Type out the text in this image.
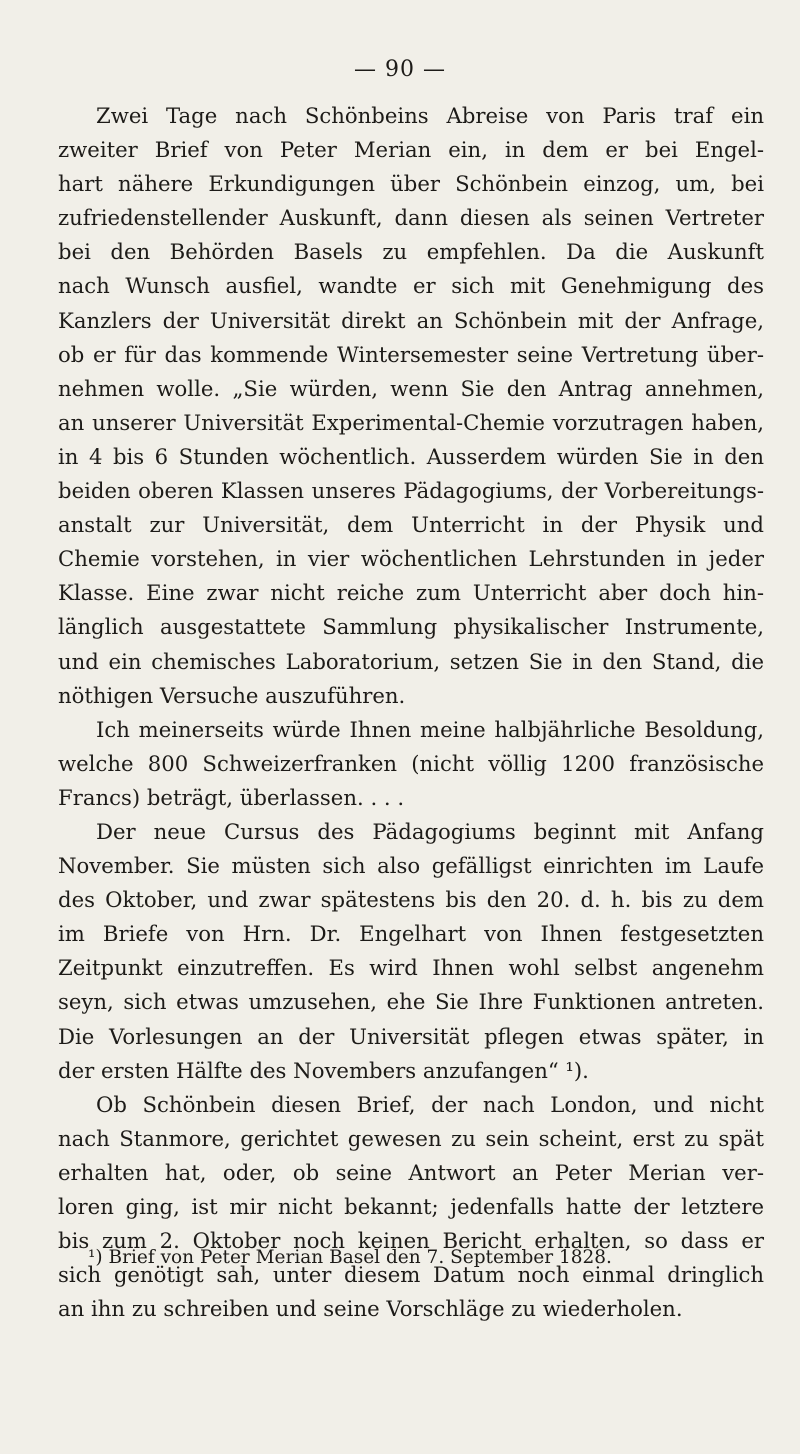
— 90 —
Zwei Tage nach Schönbeins Abreise von Paris traf ein
zweiter Brief von Peter Merian ein, in dem er bei Engel-
hart nähere Erkundigungen über Schönbein einzog, um, bei
zufriedenstellender Auskunft, dann diesen als seinen Vertreter
bei den Behörden Basels zu empfehlen. Da die Auskunft
nach Wunsch ausfiel, wandte er sich mit Genehmigung des
Kanzlers der Universität direkt an Schönbein mit der Anfrage,
ob er für das kommende Wintersemester seine Vertretung über-
nehmen wolle. „Sie würden, wenn Sie den Antrag annehmen,
an unserer Universität Experimental-Chemie vorzutragen haben,
in 4 bis 6 Stunden wöchentlich. Ausserdem würden Sie in den
beiden oberen Klassen unseres Pädagogiums, der Vorbereitungs-
anstalt zur Universität, dem Unterricht in der Physik und
Chemie vorstehen, in vier wöchentlichen Lehrstunden in jeder
Klasse. Eine zwar nicht reiche zum Unterricht aber doch hin-
länglich ausgestattete Sammlung physikalischer Instrumente,
und ein chemisches Laboratorium, setzen Sie in den Stand, die
nöthigen Versuche auszuführen.
Ich meinerseits würde Ihnen meine halbjährliche Besoldung,
welche 800 Schweizerfranken (nicht völlig 1200 französische
Francs) beträgt, überlassen. . . .
Der neue Cursus des Pädagogiums beginnt mit Anfang
November. Sie müsten sich also gefälligst einrichten im Laufe
des Oktober, und zwar spätestens bis den 20. d. h. bis zu dem
im Briefe von Hrn. Dr. Engelhart von Ihnen festgesetzten
Zeitpunkt einzutreffen. Es wird Ihnen wohl selbst angenehm
seyn, sich etwas umzusehen, ehe Sie Ihre Funktionen antreten.
Die Vorlesungen an der Universität pflegen etwas später, in
der ersten Hälfte des Novembers anzufangen“ ¹).
Ob Schönbein diesen Brief, der nach London, und nicht
nach Stanmore, gerichtet gewesen zu sein scheint, erst zu spät
erhalten hat, oder, ob seine Antwort an Peter Merian ver-
loren ging, ist mir nicht bekannt; jedenfalls hatte der letztere
bis zum 2. Oktober noch keinen Bericht erhalten, so dass er
sich genötigt sah, unter diesem Datum noch einmal dringlich
an ihn zu schreiben und seine Vorschläge zu wiederholen.
¹) Brief von Peter Merian Basel den 7. September 1828.
